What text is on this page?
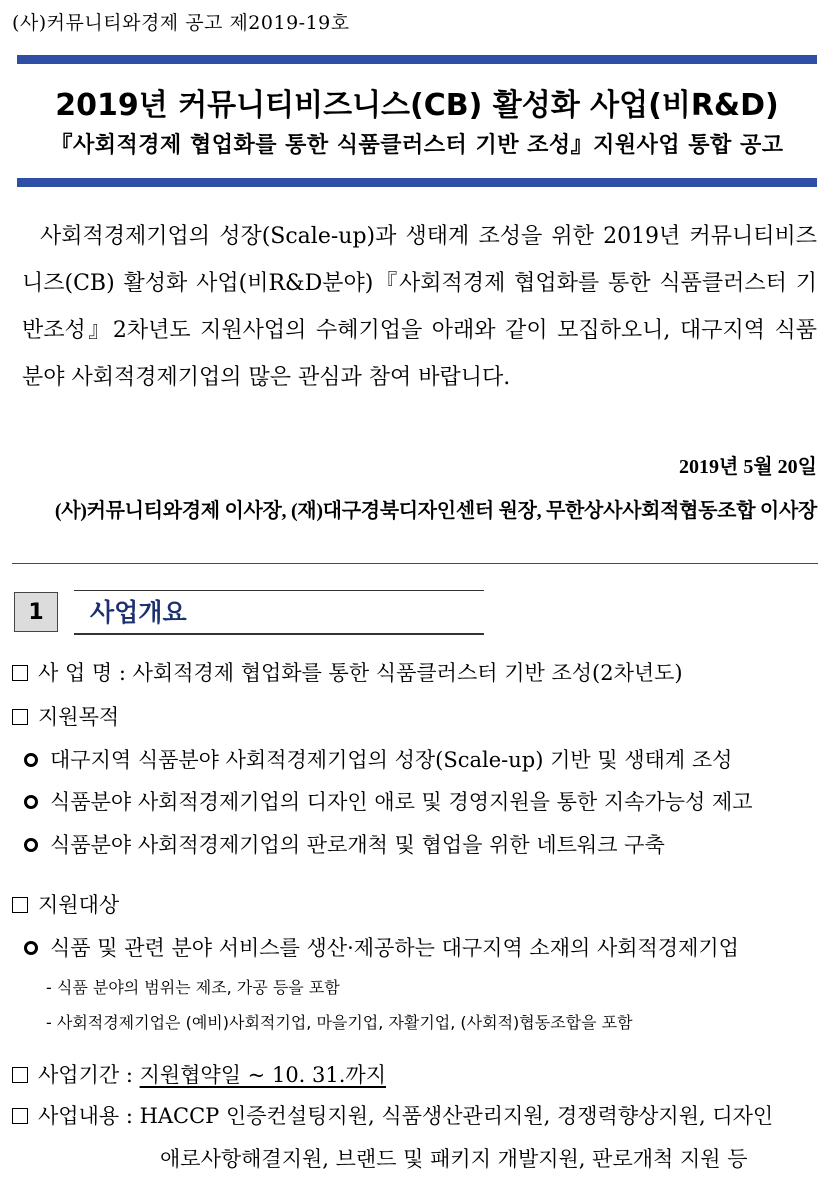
(사)커뮤니티와경제 공고 제2019-19호
2019년 커뮤니티비즈니스(CB) 활성화 사업(비R&D)
『사회적경제 협업화를 통한 식품클러스터 기반 조성』지원사업 통합 공고
사회적경제기업의 성장(Scale-up)과 생태계 조성을 위한 2019년 커뮤니티비즈니즈(CB) 활성화 사업(비R&D분야)『사회적경제 협업화를 통한 식품클러스터 기반조성』2차년도 지원사업의 수혜기업을 아래와 같이 모집하오니, 대구지역 식품 분야 사회적경제기업의 많은 관심과 참여 바랍니다.
2019년 5월 20일
(사)커뮤니티와경제 이사장, (재)대구경북디자인센터 원장, 무한상사사회적협동조합 이사장
1	사업개요
사 업 명 : 사회적경제 협업화를 통한 식품클러스터 기반 조성(2차년도)
지원목적
대구지역 식품분야 사회적경제기업의 성장(Scale-up) 기반 및 생태계 조성
식품분야 사회적경제기업의 디자인 애로 및 경영지원을 통한 지속가능성 제고
식품분야 사회적경제기업의 판로개척 및 협업을 위한 네트워크 구축
지원대상
식품 및 관련 분야 서비스를 생산·제공하는 대구지역 소재의 사회적경제기업
- 식품 분야의 범위는 제조, 가공 등을 포함
- 사회적경제기업은 (예비)사회적기업, 마을기업, 자활기업, (사회적)협동조합을 포함
사업기간 : 지원협약일 ~ 10. 31.까지
사업내용 : HACCP 인증컨설팅지원, 식품생산관리지원, 경쟁력향상지원, 디자인
애로사항해결지원, 브랜드 및 패키지 개발지원, 판로개척 지원 등
